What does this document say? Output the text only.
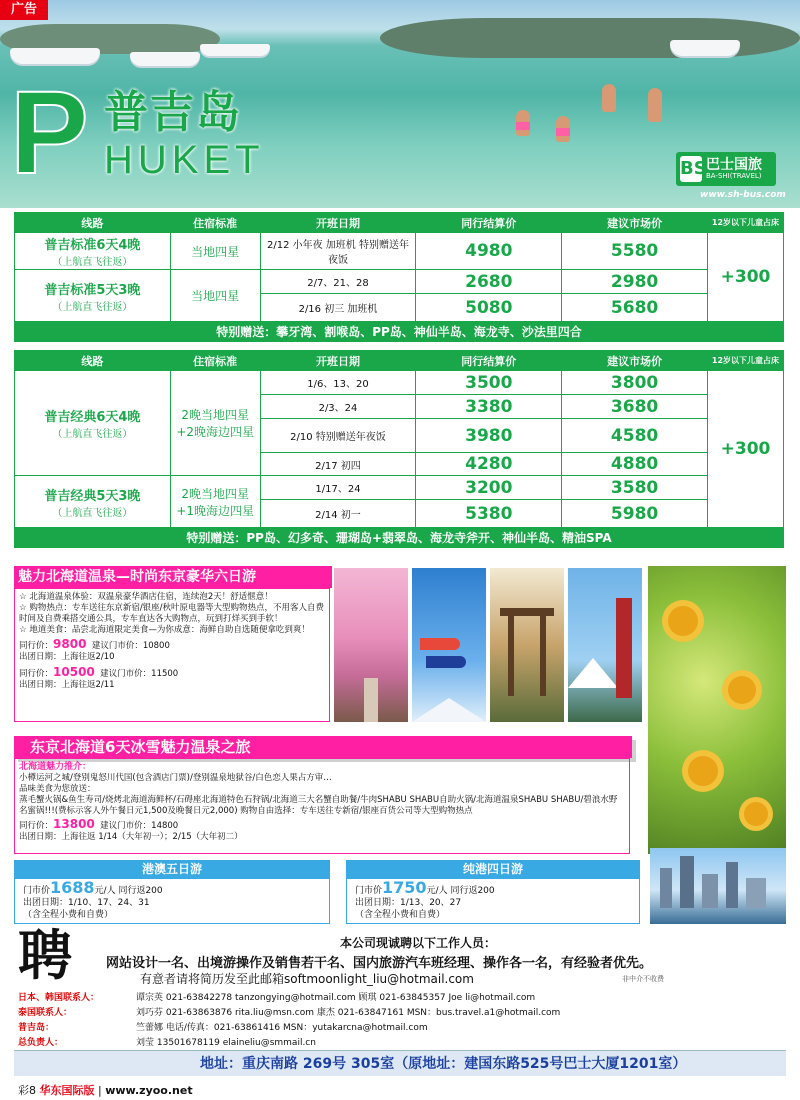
广告
P 普吉岛
HUKET	BS 巴士国旅
BA-SHI(TRAVEL)
www.sh-bus.com
线路	住宿标准	开班日期	同行结算价	建议市场价	12岁以下儿童占床
普吉标准6天4晚
（上航直飞往返）	当地四星	2/12 小年夜 加班机 特别赠送年夜饭	4980	5580	+300
普吉标准5天3晚
（上航直飞往返）	当地四星	2/7、21、28	2680	2980	
		2/16 初三 加班机	5080	5680	
特别赠送：攀牙湾、割喉岛、PP岛、神仙半岛、海龙寺、沙法里四合					
线路	住宿标准	开班日期	同行结算价	建议市场价	12岁以下儿童占床
普吉经典6天4晚
（上航直飞往返）	2晚当地四星 +2晚海边四星	1/6、13、20	3500	3800	+300
		2/3、24	3380	3680	
		2/10 特别赠送年夜饭	3980	4580	
		2/17 初四	4280	4880	
普吉经典5天3晚
（上航直飞往返）	2晚当地四星 +1晚海边四星	1/17、24	3200	3580	
		2/14 初一	5380	5980	
特别赠送：PP岛、幻多奇、珊瑚岛+翡翠岛、海龙寺斧开、神仙半岛、精油SPA					
魅力北海道温泉—时尚东京豪华六日游
☆ 北海道温泉体验：双温泉豪华酒店住宿，连续泡2天！舒适惬意！
☆ 购物热点：专车送往东京新宿/银座/秋叶原电器等大型购物热点，不用客人自费时间及自费乘搭交通公具，专车直达各大购物点，玩到打烊买到手软！
☆ 地道美食：品尝北海道限定美食—为你成意：海鲜自助自选随便拿吃到爽！
同行价：9800 建议门市价：10800
出团日期：上海往返2/10
同行价：10500 建议门市价：11500
出团日期：上海往返2/11
东京北海道6天冰雪魅力温泉之旅
北海道魅力推介：
小樽运河之城/登别鬼怒川代国(包含酒店门票)/登别温泉地狱谷/白色恋人果占方审…
品味美食为您放送：
蒸毛蟹火锅&鱼生寿司/烧烤北海道海鲜杯/石碍座北海道特色石狩锅/北海道三大名蟹自助餐/牛肉SHABU SHABU自助火锅/北海道温泉SHABU SHABU/碧浪水野名蜜锅!!!(费标示客人外午餐日元1,500及晚餐日元2,000) 购物自由选择：专车送往专新宿/银座百货公司等大型购物热点
同行价：13800 建议门市价：14800
出团日期：上海往返 1/14（大年初一）；2/15（大年初二）
港澳五日游
门市价1688元/人 同行返200
出团日期：1/10、17、24、31
（含全程小费和自费）
纯港四日游
门市价1750元/人 同行返200
出团日期：1/13、20、27
（含全程小费和自费）
聘	本公司现诚聘以下工作人员：
网站设计一名、出境游操作及销售若干名、国内旅游汽车班经理、操作各一名，有经验者优先。
有意者请将简历发至此邮箱softmoonlight_liu@hotmail.com	非中介不收费
日本、韩国联系人：	谭宗英 021-63842278 tanzongying@hotmail.com 顾琪 021-63845357 Joe li@hotmail.com
泰国联系人：	刘巧芬 021-63863876 rita.liu@msn.com 康杰 021-63847161 MSN：bus.travel.a1@hotmail.com
普吉岛：	竺蕾娜 电话/传真：021-63861416 MSN：yutakarcna@hotmail.com
总负责人：	刘莹 13501678119 elaineliu@smmail.cn
地址：重庆南路 269号 305室（原地址：建国东路525号巴士大厦1201室）
彩8 华东国际版 | www.zyoo.net
